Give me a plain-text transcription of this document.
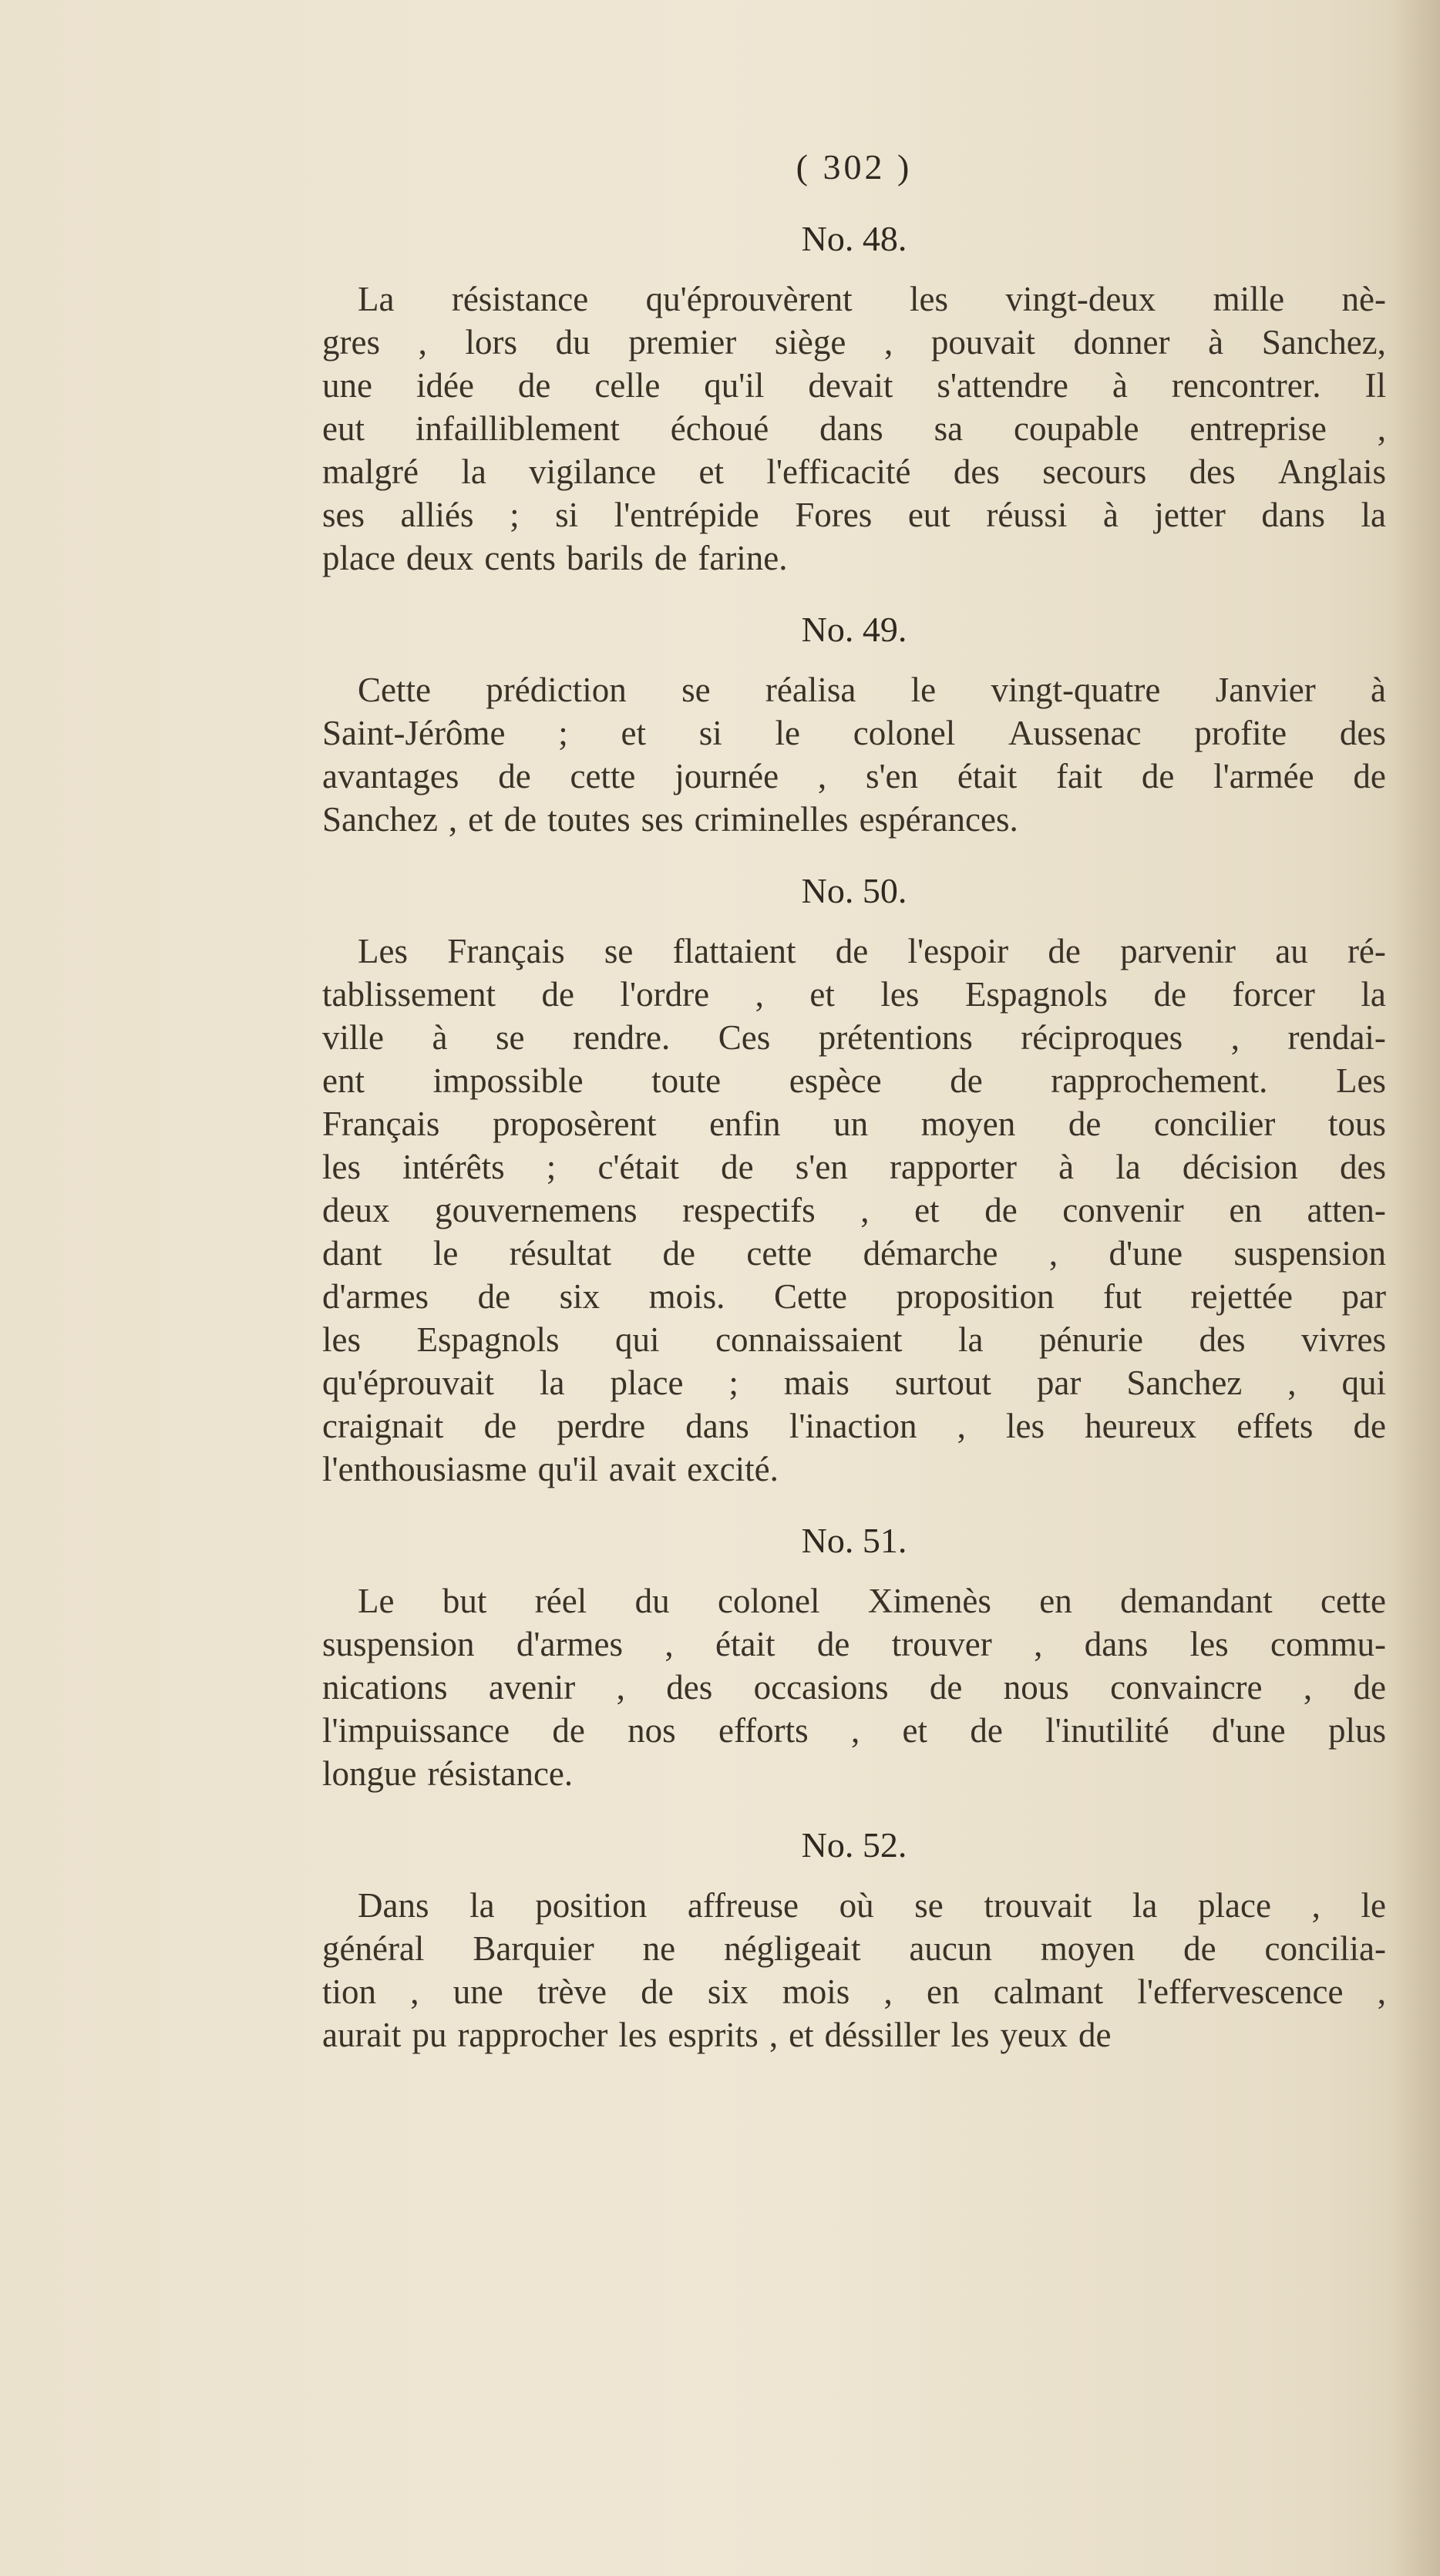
( 302 )
No. 48.
La résistance qu'éprouvèrent les vingt-deux mille nè-
gres , lors du premier siège , pouvait donner à Sanchez,
une idée de celle qu'il devait s'attendre à rencontrer. Il
eut infailliblement échoué dans sa coupable entreprise ,
malgré la vigilance et l'efficacité des secours des Anglais
ses alliés ; si l'entrépide Fores eut réussi à jetter dans la
place deux cents barils de farine.
No. 49.
Cette prédiction se réalisa le vingt-quatre Janvier à
Saint-Jérôme ; et si le colonel Aussenac profite des
avantages de cette journée , s'en était fait de l'armée de
Sanchez , et de toutes ses criminelles espérances.
No. 50.
Les Français se flattaient de l'espoir de parvenir au ré-
tablissement de l'ordre , et les Espagnols de forcer la
ville à se rendre. Ces prétentions réciproques , rendai-
ent impossible toute espèce de rapprochement. Les
Français proposèrent enfin un moyen de concilier tous
les intérêts ; c'était de s'en rapporter à la décision des
deux gouvernemens respectifs , et de convenir en atten-
dant le résultat de cette démarche , d'une suspension
d'armes de six mois. Cette proposition fut rejettée par
les Espagnols qui connaissaient la pénurie des vivres
qu'éprouvait la place ; mais surtout par Sanchez , qui
craignait de perdre dans l'inaction , les heureux effets de
l'enthousiasme qu'il avait excité.
No. 51.
Le but réel du colonel Ximenès en demandant cette
suspension d'armes , était de trouver , dans les commu-
nications avenir , des occasions de nous convaincre , de
l'impuissance de nos efforts , et de l'inutilité d'une plus
longue résistance.
No. 52.
Dans la position affreuse où se trouvait la place , le
général Barquier ne négligeait aucun moyen de concilia-
tion , une trève de six mois , en calmant l'effervescence ,
aurait pu rapprocher les esprits , et déssiller les yeux de
